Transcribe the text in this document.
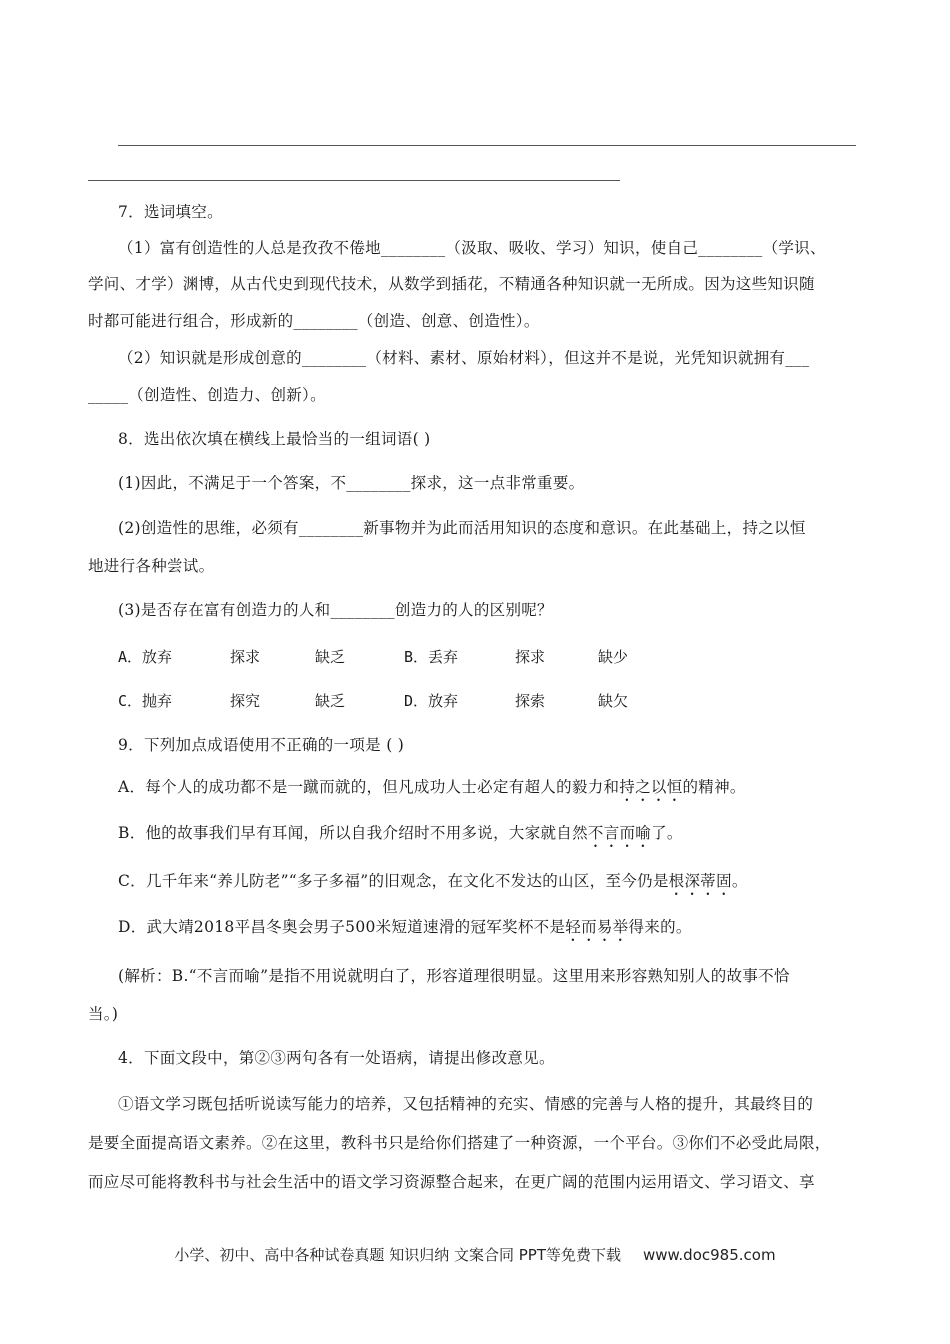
7．选词填空。
（1）富有创造性的人总是孜孜不倦地________（汲取、吸收、学习）知识，使自己________（学识、
学问、才学）渊博，从古代史到现代技术，从数学到插花，不精通各种知识就一无所成。因为这些知识随
时都可能进行组合，形成新的________（创造、创意、创造性）。
（2）知识就是形成创意的________（材料、素材、原始材料），但这并不是说，光凭知识就拥有___
_____（创造性、创造力、创新）。
8．选出依次填在横线上最恰当的一组词语( )
(1)因此，不满足于一个答案，不________探求，这一点非常重要。
(2)创造性的思维，必须有________新事物并为此而活用知识的态度和意识。在此基础上，持之以恒
地进行各种尝试。
(3)是否存在富有创造力的人和________创造力的人的区别呢？
A．放弃	探求	缺乏	B．丢弃	探求	缺少
C．抛弃	探究	缺乏	D．放弃	探索	缺欠
9．下列加点成语使用不正确的一项是 ( )
A．每个人的成功都不是一蹴而就的，但凡成功人士必定有超人的毅力和持之以恒的精神。
B．他的故事我们早有耳闻，所以自我介绍时不用多说，大家就自然不言而喻了。
C．几千年来“养儿防老”“多子多福”的旧观念，在文化不发达的山区，至今仍是根深蒂固。
D．武大靖2018平昌冬奥会男子500米短道速滑的冠军奖杯不是轻而易举得来的。
(解析：B.“不言而喻”是指不用说就明白了，形容道理很明显。这里用来形容熟知别人的故事不恰
当。)
4．下面文段中，第②③两句各有一处语病，请提出修改意见。
①语文学习既包括听说读写能力的培养，又包括精神的充实、情感的完善与人格的提升，其最终目的
是要全面提高语文素养。②在这里，教科书只是给你们搭建了一种资源，一个平台。③你们不必受此局限，
而应尽可能将教科书与社会生活中的语文学习资源整合起来，在更广阔的范围内运用语文、学习语文、享
小学、初中、高中各种试卷真题 知识归纳 文案合同 PPT等免费下载 www.doc985.com
